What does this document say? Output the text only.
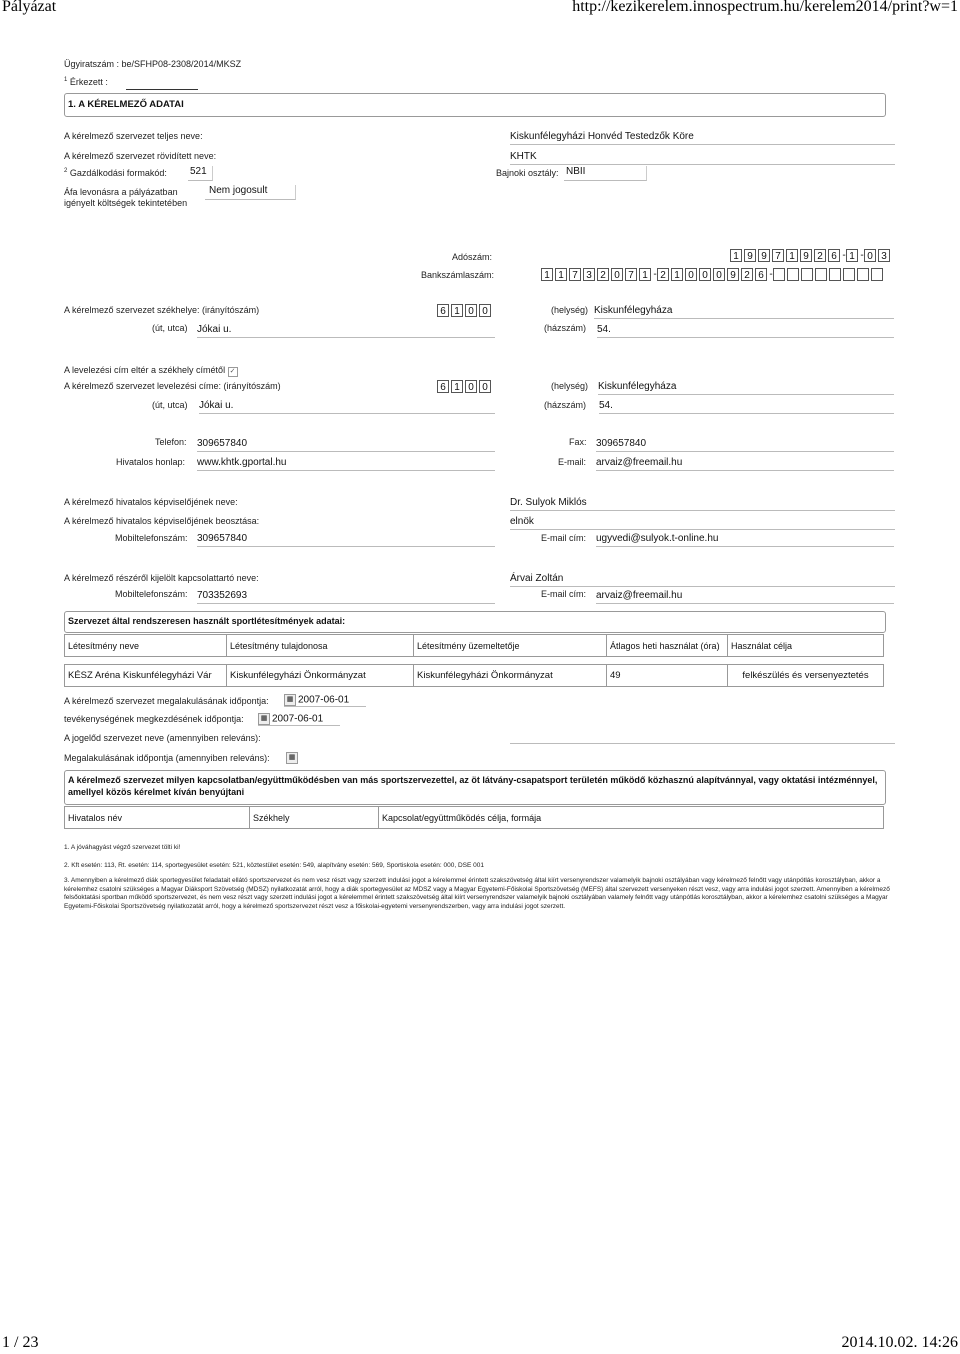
Pályázat	http://kezikerelem.innospectrum.hu/kerelem2014/print?w=1
Ügyiratszám : be/SFHP08-2308/2014/MKSZ
$^1$ Érkezett :
1. A KÉRELMEZŐ ADATAI
A kérelmező szervezet teljes neve:	Kiskunfélegyházi Honvéd Testedzők Köre
A kérelmező szervezet rövidített neve:	KHTK
$^2$ Gazdálkodási formakód: 521	Bajnoki osztály: NBII
Áfa levonásra a pályázatban
igényelt költségek tekintetében
Nem jogosult
Adószám:	1 9 9 7 1 9 2 6 - 1 - 0 3
Bankszámlaszám:	1 1 7 3 2 0 7 1 - 2 1 0 0 0 9 2 6 -
A kérelmező szervezet székhelye: (irányítószám)	6 1 0 0	(helység) Kiskunfélegyháza
(út, utca) Jókai u.	(házszám) 54.
A levelezési cím eltér a székhely címétől ✓
A kérelmező szervezet levelezési címe: (irányítószám)	6 1 0 0	(helység) Kiskunfélegyháza
(út, utca) Jókai u.	(házszám) 54.
Telefon: 309657840	Fax: 309657840
Hivatalos honlap: www.khtk.gportal.hu	E-mail: arvaiz@freemail.hu
A kérelmező hivatalos képviselőjének neve:	Dr. Sulyok Miklós
A kérelmező hivatalos képviselőjének beosztása:	elnök
Mobiltelefonszám: 309657840	E-mail cím: ugyvedi@sulyok.t-online.hu
A kérelmező részéről kijelölt kapcsolattartó neve:	Árvai Zoltán
Mobiltelefonszám: 703352693	E-mail cím: arvaiz@freemail.hu
Szervezet által rendszeresen használt sportlétesítmények adatai:
Létesítmény neve	Létesítmény tulajdonosa	Létesítmény üzemeltetője	Átlagos heti használat (óra)	Használat célja
KÉSZ Aréna Kiskunfélegyházi Vár	Kiskunfélegyházi Önkormányzat	Kiskunfélegyházi Önkormányzat	49	felkészülés és versenyeztetés
A kérelmező szervezet megalakulásának időpontja:	▦ 2007-06-01
tevékenységének megkezdésének időpontja:	▦ 2007-06-01
A jogelőd szervezet neve (amennyiben releváns):
Megalakulásának időpontja (amennyiben releváns):	▦
A kérelmező szervezet milyen kapcsolatban/együttműködésben van más sportszervezettel, az öt látvány-csapatsport területén működő közhasznú alapítvánnyal, vagy oktatási intézménnyel, amellyel közös kérelmet kíván benyújtani
Hivatalos név	Székhely	Kapcsolat/együttműködés célja, formája
1. A jóváhagyást végző szervezet tölti ki!
2. Kft esetén: 113, Rt. esetén: 114, sportegyesület esetén: 521, köztestület esetén: 549, alapítvány esetén: 569, Sportiskola esetén: 000, DSE 001
3. Amennyiben a kérelmező diák sportegyesület feladatait ellátó sportszervezet és nem vesz részt vagy szerzett indulási jogot a kérelemmel érintett szakszövetség által kiírt versenyrendszer valamelyik bajnoki osztályában vagy kérelmező felnőtt vagy utánpótlás korosztályban, akkor a kérelemhez csatolni szükséges a Magyar Diáksport Szövetség (MDSZ) nyilatkozatát arról, hogy a diák sportegyesület az MDSZ vagy a Magyar Egyetemi-Főiskolai Sportszövetség (MEFS) által szervezett versenyeken részt vesz, vagy arra indulási jogot szerzett. Amennyiben a kérelmező felsőoktatási sportban működő sportszervezet, és nem vesz részt vagy szerzett indulási jogot a kérelemmel érintett szakszövetség által kiírt versenyrendszer valamelyik bajnoki osztályában valamely felnőtt vagy utánpótlás korosztályban, akkor a kérelemhez csatolni szükséges a Magyar Egyetemi-Főiskolai Sportszövetség nyilatkozatát arról, hogy a kérelmező sportszervezet részt vesz a főiskolai-egyetemi versenyrendszerben, vagy arra indulási jogot szerzett.
1 / 23	2014.10.02. 14:26
